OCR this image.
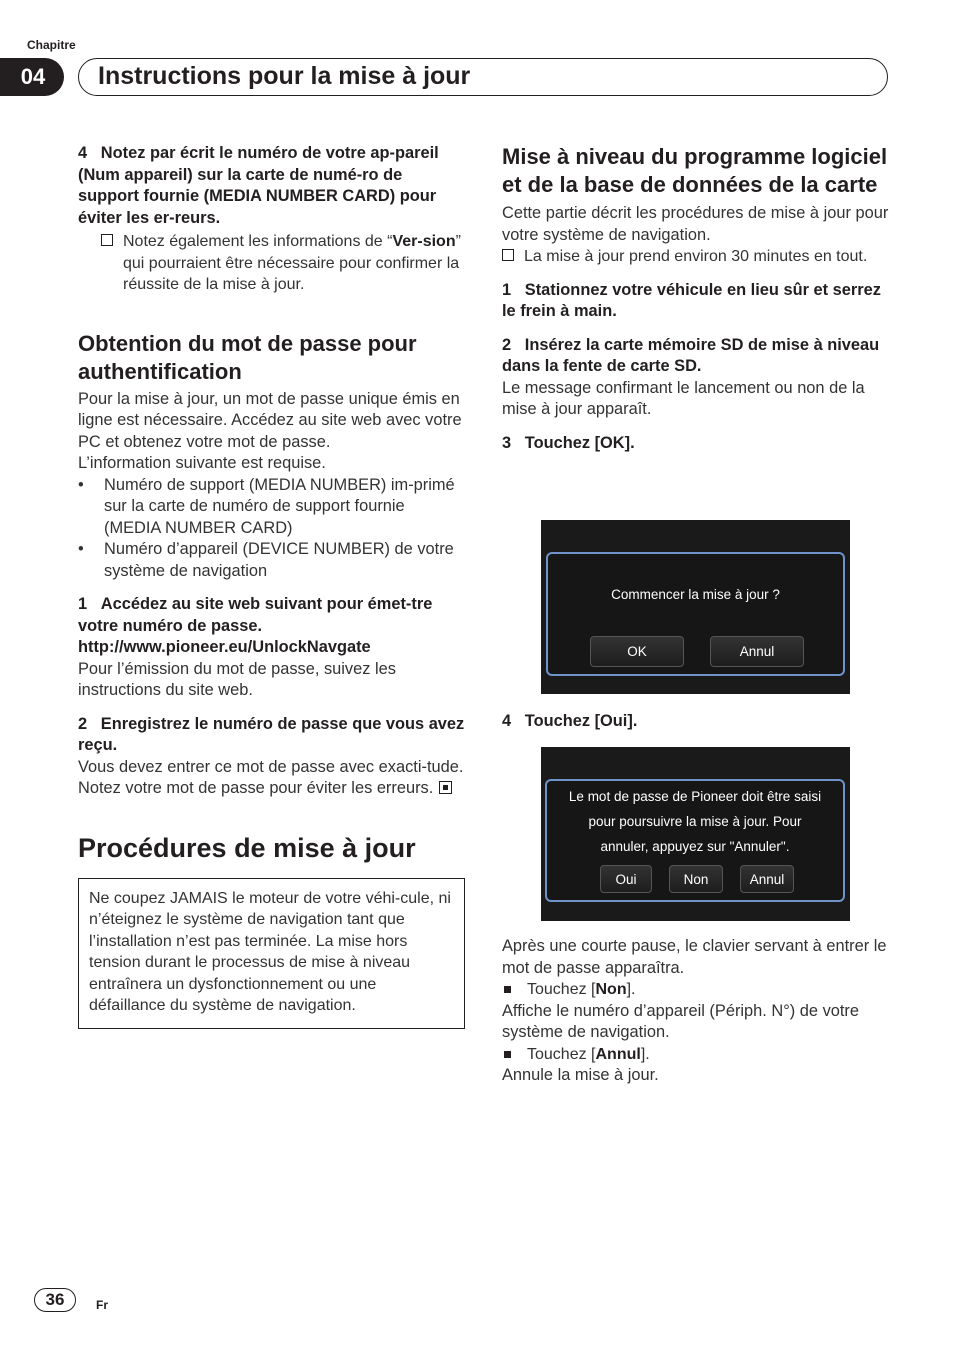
Chapitre
04	Instructions pour la mise à jour

4   Notez par écrit le numéro de votre ap-pareil (Num appareil) sur la carte de numé-ro de support fournie (MEDIA NUMBER CARD) pour éviter les er-reurs.

Notez également les informations de “Ver-sion” qui pourraient être nécessaire pour confirmer la réussite de la mise à jour.

Obtention du mot de passe pour authentification

Pour la mise à jour, un mot de passe unique émis en ligne est nécessaire. Accédez au site web avec votre PC et obtenez votre mot de passe.

L’information suivante est requise.

• Numéro de support (MEDIA NUMBER) im-primé sur la carte de numéro de support fournie (MEDIA NUMBER CARD)
• Numéro d’appareil (DEVICE NUMBER) de votre système de navigation

1   Accédez au site web suivant pour émet-tre votre numéro de passe.

http://www.pioneer.eu/UnlockNavgate

Pour l’émission du mot de passe, suivez les instructions du site web.

2   Enregistrez le numéro de passe que vous avez reçu.

Vous devez entrer ce mot de passe avec exacti-tude. Notez votre mot de passe pour éviter les erreurs.

Procédures de mise à jour

Ne coupez JAMAIS le moteur de votre véhi-cule, ni n’éteignez le système de navigation tant que l’installation n’est pas terminée. La mise hors tension durant le processus de mise à niveau entraînera un dysfonctionnement ou une défaillance du système de navigation.

Mise à niveau du programme logiciel et de la base de données de la carte

Cette partie décrit les procédures de mise à jour pour votre système de navigation.

La mise à jour prend environ 30 minutes en tout.

1   Stationnez votre véhicule en lieu sûr et serrez le frein à main.

2   Insérez la carte mémoire SD de mise à niveau dans la fente de carte SD.

Le message confirmant le lancement ou non de la mise à jour apparaît.

3   Touchez [OK].

Commencer la mise à jour ?
OK	Annul

4   Touchez [Oui].

Le mot de passe de Pioneer doit être saisi
pour poursuivre la mise à jour. Pour
annuler, appuyez sur "Annuler".
Oui	Non	Annul

Après une courte pause, le clavier servant à entrer le mot de passe apparaîtra.

Touchez [Non].

Affiche le numéro d’appareil (Périph. N°) de votre système de navigation.

Touchez [Annul].

Annule la mise à jour.

36	Fr
